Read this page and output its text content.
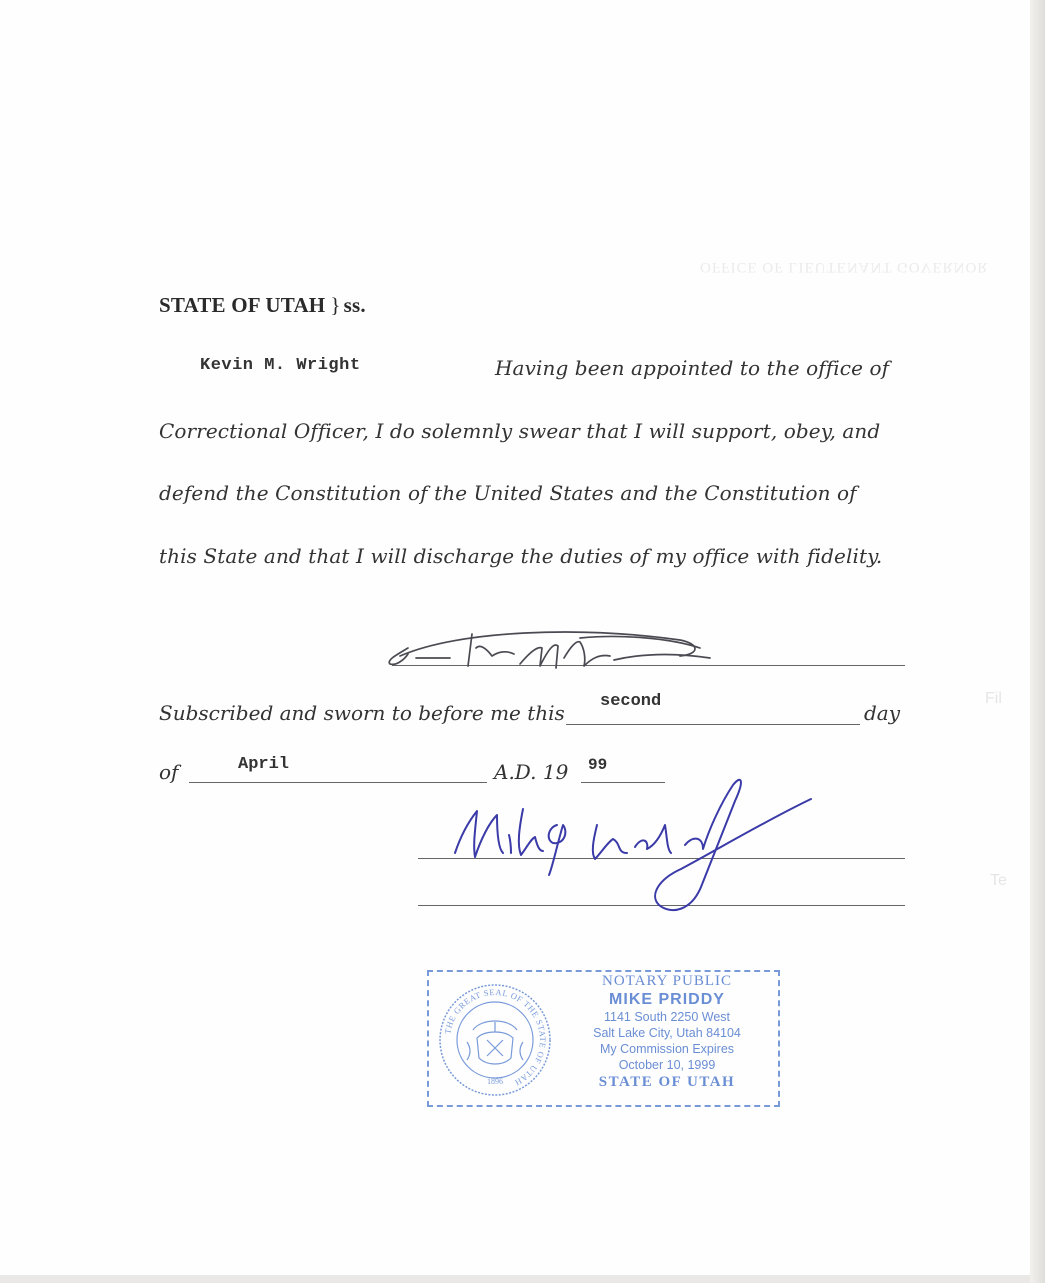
OFFICE OF LIEUTENANT GOVERNOR
Fil
Te
STATE OF UTAH } ss.
Kevin M. Wright	Having been appointed to the office of
Correctional Officer, I do solemnly swear that I will support, obey, and
defend the Constitution of the United States and the Constitution of
this State and that I will discharge the duties of my office with fidelity.
Subscribed and sworn to before me this second	day
of	April	A.D. 19 99
THE GREAT SEAL OF THE STATE OF UTAH
1896
NOTARY PUBLIC
MIKE PRIDDY
1141 South 2250 West
Salt Lake City, Utah 84104
My Commission Expires
October 10, 1999
STATE OF UTAH
